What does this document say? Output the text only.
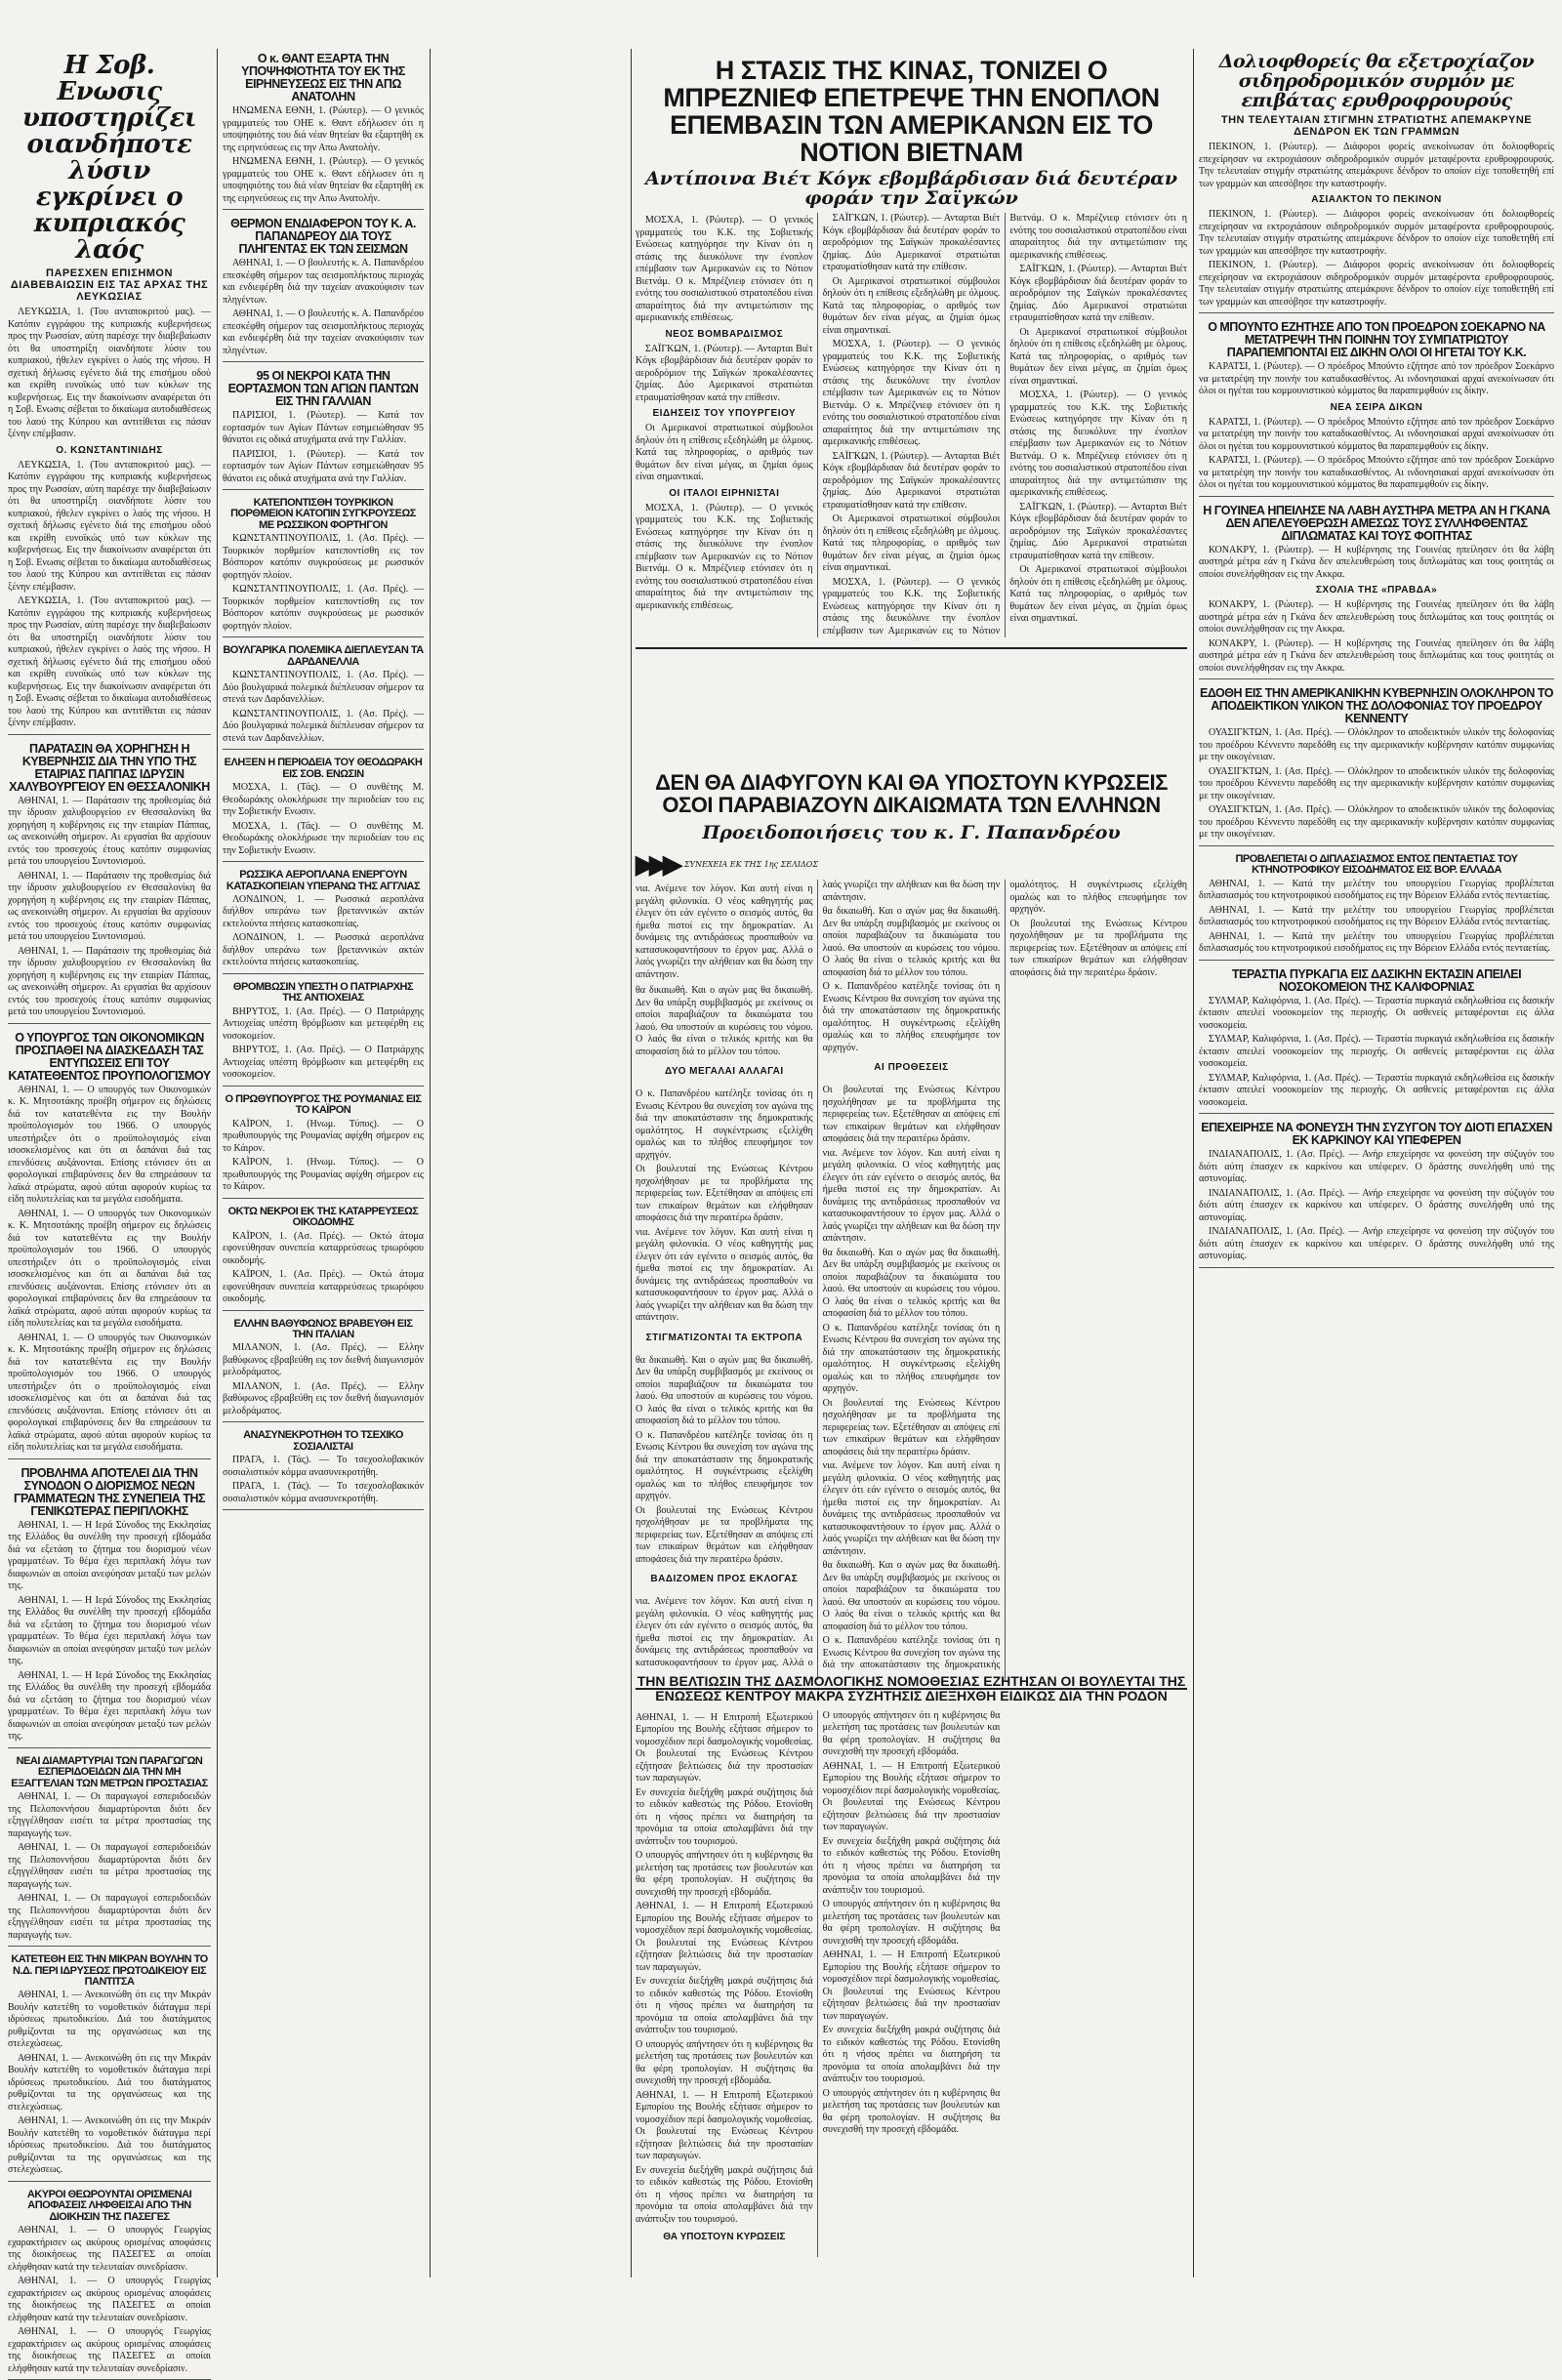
Η Σοβ. Ενωσις υποστηρίζει οιανδήποτε λύσιν εγκρίνει ο κυπριακός λαός
ΠΑΡΕΣΧΕΝ ΕΠΙΣΗΜΟΝ ΔΙΑΒΕΒΑΙΩΣΙΝ ΕΙΣ ΤΑΣ ΑΡΧΑΣ ΤΗΣ ΛΕΥΚΩΣΙΑΣ

ΛΕΥΚΩΣΙΑ, 1. (Του ανταποκριτού μας). — Κατόπιν εγγράφου της κυπριακής κυβερνήσεως προς την Ρωσσίαν, αύτη παρέσχε την διαβεβαίωσιν ότι θα υποστηρίξη οιανδήποτε λύσιν του κυπριακού, ήθελεν εγκρίνει ο λαός της νήσου. Η σχετική δήλωσις εγένετο διά της επισήμου οδού και εκρίθη ευνοϊκώς υπό των κύκλων της κυβερνήσεως. Εις την διακοίνωσιν αναφέρεται ότι η Σοβ. Ενωσις σέβεται το δικαίωμα αυτοδιαθέσεως του λαού της Κύπρου και αντιτίθεται εις πάσαν ξένην επέμβασιν.

Ο. ΚΩΝΣΤΑΝΤΙΝΙΔΗΣ

ΛΕΥΚΩΣΙΑ, 1. (Του ανταποκριτού μας). — Κατόπιν εγγράφου της κυπριακής κυβερνήσεως προς την Ρωσσίαν, αύτη παρέσχε την διαβεβαίωσιν ότι θα υποστηρίξη οιανδήποτε λύσιν του κυπριακού, ήθελεν εγκρίνει ο λαός της νήσου. Η σχετική δήλωσις εγένετο διά της επισήμου οδού και εκρίθη ευνοϊκώς υπό των κύκλων της κυβερνήσεως. Εις την διακοίνωσιν αναφέρεται ότι η Σοβ. Ενωσις σέβεται το δικαίωμα αυτοδιαθέσεως του λαού της Κύπρου και αντιτίθεται εις πάσαν ξένην επέμβασιν.

ΛΕΥΚΩΣΙΑ, 1. (Του ανταποκριτού μας). — Κατόπιν εγγράφου της κυπριακής κυβερνήσεως προς την Ρωσσίαν, αύτη παρέσχε την διαβεβαίωσιν ότι θα υποστηρίξη οιανδήποτε λύσιν του κυπριακού, ήθελεν εγκρίνει ο λαός της νήσου. Η σχετική δήλωσις εγένετο διά της επισήμου οδού και εκρίθη ευνοϊκώς υπό των κύκλων της κυβερνήσεως. Εις την διακοίνωσιν αναφέρεται ότι η Σοβ. Ενωσις σέβεται το δικαίωμα αυτοδιαθέσεως του λαού της Κύπρου και αντιτίθεται εις πάσαν ξένην επέμβασιν.

ΠΑΡΑΤΑΣΙΝ ΘΑ ΧΟΡΗΓΗΣΗ Η ΚΥΒΕΡΝΗΣΙΣ ΔΙΑ ΤΗΝ ΥΠΟ ΤΗΣ ΕΤΑΙΡΙΑΣ ΠΑΠΠΑΣ ΙΔΡΥΣΙΝ ΧΑΛΥΒΟΥΡΓΕΙΟΥ ΕΝ ΘΕΣΣΑΛΟΝΙΚΗ

ΑΘΗΝΑΙ, 1. — Παράτασιν της προθεσμίας διά την ίδρυσιν χαλυβουργείου εν Θεσσαλονίκη θα χορηγήση η κυβέρνησις εις την εταιρίαν Πάππας, ως ανεκοινώθη σήμερον. Αι εργασίαι θα αρχίσουν εντός του προσεχούς έτους κατόπιν συμφωνίας μετά του υπουργείου Συντονισμού.

ΑΘΗΝΑΙ, 1. — Παράτασιν της προθεσμίας διά την ίδρυσιν χαλυβουργείου εν Θεσσαλονίκη θα χορηγήση η κυβέρνησις εις την εταιρίαν Πάππας, ως ανεκοινώθη σήμερον. Αι εργασίαι θα αρχίσουν εντός του προσεχούς έτους κατόπιν συμφωνίας μετά του υπουργείου Συντονισμού.

ΑΘΗΝΑΙ, 1. — Παράτασιν της προθεσμίας διά την ίδρυσιν χαλυβουργείου εν Θεσσαλονίκη θα χορηγήση η κυβέρνησις εις την εταιρίαν Πάππας, ως ανεκοινώθη σήμερον. Αι εργασίαι θα αρχίσουν εντός του προσεχούς έτους κατόπιν συμφωνίας μετά του υπουργείου Συντονισμού.

Ο ΥΠΟΥΡΓΟΣ ΤΩΝ ΟΙΚΟΝΟΜΙΚΩΝ ΠΡΟΣΠΑΘΕΙ ΝΑ ΔΙΑΣΚΕΔΑΣΗ ΤΑΣ ΕΝΤΥΠΩΣΕΙΣ ΕΠΙ ΤΟΥ ΚΑΤΑΤΕΘΕΝΤΟΣ ΠΡΟΥΠΟΛΟΓΙΣΜΟΥ

ΑΘΗΝΑΙ, 1. — Ο υπουργός των Οικονομικών κ. Κ. Μητσοτάκης προέβη σήμερον εις δηλώσεις διά τον κατατεθέντα εις την Βουλήν προϋπολογισμόν του 1966. Ο υπουργός υπεστήριξεν ότι ο προϋπολογισμός είναι ισοσκελισμένος και ότι αι δαπάναι διά τας επενδύσεις αυξάνονται. Επίσης ετόνισεν ότι αι φορολογικαί επιβαρύνσεις δεν θα επηρεάσουν τα λαϊκά στρώματα, αφού αύται αφορούν κυρίως τα είδη πολυτελείας και τα μεγάλα εισοδήματα.

ΑΘΗΝΑΙ, 1. — Ο υπουργός των Οικονομικών κ. Κ. Μητσοτάκης προέβη σήμερον εις δηλώσεις διά τον κατατεθέντα εις την Βουλήν προϋπολογισμόν του 1966. Ο υπουργός υπεστήριξεν ότι ο προϋπολογισμός είναι ισοσκελισμένος και ότι αι δαπάναι διά τας επενδύσεις αυξάνονται. Επίσης ετόνισεν ότι αι φορολογικαί επιβαρύνσεις δεν θα επηρεάσουν τα λαϊκά στρώματα, αφού αύται αφορούν κυρίως τα είδη πολυτελείας και τα μεγάλα εισοδήματα.

ΑΘΗΝΑΙ, 1. — Ο υπουργός των Οικονομικών κ. Κ. Μητσοτάκης προέβη σήμερον εις δηλώσεις διά τον κατατεθέντα εις την Βουλήν προϋπολογισμόν του 1966. Ο υπουργός υπεστήριξεν ότι ο προϋπολογισμός είναι ισοσκελισμένος και ότι αι δαπάναι διά τας επενδύσεις αυξάνονται. Επίσης ετόνισεν ότι αι φορολογικαί επιβαρύνσεις δεν θα επηρεάσουν τα λαϊκά στρώματα, αφού αύται αφορούν κυρίως τα είδη πολυτελείας και τα μεγάλα εισοδήματα.

ΠΡΟΒΛΗΜΑ ΑΠΟΤΕΛΕΙ ΔΙΑ ΤΗΝ ΣΥΝΟΔΟΝ Ο ΔΙΟΡΙΣΜΟΣ ΝΕΩΝ ΓΡΑΜΜΑΤΕΩΝ ΤΗΣ ΣΥΝΕΠΕΙΑ ΤΗΣ ΓΕΝΙΚΩΤΕΡΑΣ ΠΕΡΙΠΛΟΚΗΣ

ΑΘΗΝΑΙ, 1. — Η Ιερά Σύνοδος της Εκκλησίας της Ελλάδος θα συνέλθη την προσεχή εβδομάδα διά να εξετάση το ζήτημα του διορισμού νέων γραμματέων. Το θέμα έχει περιπλακή λόγω των διαφωνιών αι οποίαι ανεφύησαν μεταξύ των μελών της.

ΑΘΗΝΑΙ, 1. — Η Ιερά Σύνοδος της Εκκλησίας της Ελλάδος θα συνέλθη την προσεχή εβδομάδα διά να εξετάση το ζήτημα του διορισμού νέων γραμματέων. Το θέμα έχει περιπλακή λόγω των διαφωνιών αι οποίαι ανεφύησαν μεταξύ των μελών της.

ΑΘΗΝΑΙ, 1. — Η Ιερά Σύνοδος της Εκκλησίας της Ελλάδος θα συνέλθη την προσεχή εβδομάδα διά να εξετάση το ζήτημα του διορισμού νέων γραμματέων. Το θέμα έχει περιπλακή λόγω των διαφωνιών αι οποίαι ανεφύησαν μεταξύ των μελών της.

ΝΕΑΙ ΔΙΑΜΑΡΤΥΡΙΑΙ ΤΩΝ ΠΑΡΑΓΩΓΩΝ ΕΣΠΕΡΙΔΟΕΙΔΩΝ ΔΙΑ ΤΗΝ ΜΗ ΕΞΑΓΓΕΛΙΑΝ ΤΩΝ ΜΕΤΡΩΝ ΠΡΟΣΤΑΣΙΑΣ

ΑΘΗΝΑΙ, 1. — Οι παραγωγοί εσπεριδοειδών της Πελοποννήσου διαμαρτύρονται διότι δεν εξηγγέλθησαν εισέτι τα μέτρα προστασίας της παραγωγής των.

ΑΘΗΝΑΙ, 1. — Οι παραγωγοί εσπεριδοειδών της Πελοποννήσου διαμαρτύρονται διότι δεν εξηγγέλθησαν εισέτι τα μέτρα προστασίας της παραγωγής των.

ΑΘΗΝΑΙ, 1. — Οι παραγωγοί εσπεριδοειδών της Πελοποννήσου διαμαρτύρονται διότι δεν εξηγγέλθησαν εισέτι τα μέτρα προστασίας της παραγωγής των.

ΚΑΤΕΤΕΘΗ ΕΙΣ ΤΗΝ ΜΙΚΡΑΝ ΒΟΥΛΗΝ ΤΟ Ν.Δ. ΠΕΡΙ ΙΔΡΥΣΕΩΣ ΠΡΩΤΟΔΙΚΕΙΟΥ ΕΙΣ ΠΑΝΤΙΤΣΑ

ΑΘΗΝΑΙ, 1. — Ανεκοινώθη ότι εις την Μικράν Βουλήν κατετέθη το νομοθετικόν διάταγμα περί ιδρύσεως πρωτοδικείου. Διά του διατάγματος ρυθμίζονται τα της οργανώσεως και της στελεχώσεως.

ΑΘΗΝΑΙ, 1. — Ανεκοινώθη ότι εις την Μικράν Βουλήν κατετέθη το νομοθετικόν διάταγμα περί ιδρύσεως πρωτοδικείου. Διά του διατάγματος ρυθμίζονται τα της οργανώσεως και της στελεχώσεως.

ΑΘΗΝΑΙ, 1. — Ανεκοινώθη ότι εις την Μικράν Βουλήν κατετέθη το νομοθετικόν διάταγμα περί ιδρύσεως πρωτοδικείου. Διά του διατάγματος ρυθμίζονται τα της οργανώσεως και της στελεχώσεως.

ΑΚΥΡΟΙ ΘΕΩΡΟΥΝΤΑΙ ΟΡΙΣΜΕΝΑΙ ΑΠΟΦΑΣΕΙΣ ΛΗΦΘΕΙΣΑΙ ΑΠΟ ΤΗΝ ΔΙΟΙΚΗΣΙΝ ΤΗΣ ΠΑΣΕΓΕΣ

ΑΘΗΝΑΙ, 1. — Ο υπουργός Γεωργίας εχαρακτήρισεν ως ακύρους ορισμένας αποφάσεις της διοικήσεως της ΠΑΣΕΓΕΣ αι οποίαι ελήφθησαν κατά την τελευταίαν συνεδρίασιν.

ΑΘΗΝΑΙ, 1. — Ο υπουργός Γεωργίας εχαρακτήρισεν ως ακύρους ορισμένας αποφάσεις της διοικήσεως της ΠΑΣΕΓΕΣ αι οποίαι ελήφθησαν κατά την τελευταίαν συνεδρίασιν.

ΑΘΗΝΑΙ, 1. — Ο υπουργός Γεωργίας εχαρακτήρισεν ως ακύρους ορισμένας αποφάσεις της διοικήσεως της ΠΑΣΕΓΕΣ αι οποίαι ελήφθησαν κατά την τελευταίαν συνεδρίασιν.

Ο κ. ΘΑΝΤ ΕΞΑΡΤΑ ΤΗΝ ΥΠΟΨΗΦΙΟΤΗΤΑ ΤΟΥ ΕΚ ΤΗΣ ΕΙΡΗΝΕΥΣΕΩΣ ΕΙΣ ΤΗΝ ΑΠΩ ΑΝΑΤΟΛΗΝ

ΗΝΩΜΕΝΑ ΕΘΝΗ, 1. (Ρώυτερ). — Ο γενικός γραμματεύς του ΟΗΕ κ. Θαντ εδήλωσεν ότι η υποψηφιότης του διά νέαν θητείαν θα εξαρτηθή εκ της ειρηνεύσεως εις την Απω Ανατολήν.

ΗΝΩΜΕΝΑ ΕΘΝΗ, 1. (Ρώυτερ). — Ο γενικός γραμματεύς του ΟΗΕ κ. Θαντ εδήλωσεν ότι η υποψηφιότης του διά νέαν θητείαν θα εξαρτηθή εκ της ειρηνεύσεως εις την Απω Ανατολήν.

ΘΕΡΜΟΝ ΕΝΔΙΑΦΕΡΟΝ ΤΟΥ Κ. Α. ΠΑΠΑΝΔΡΕΟΥ ΔΙΑ ΤΟΥΣ ΠΛΗΓΕΝΤΑΣ ΕΚ ΤΩΝ ΣΕΙΣΜΩΝ

ΑΘΗΝΑΙ, 1. — Ο βουλευτής κ. Α. Παπανδρέου επεσκέφθη σήμερον τας σεισμοπλήκτους περιοχάς και ενδιεφέρθη διά την ταχείαν ανακούφισιν των πληγέντων.

ΑΘΗΝΑΙ, 1. — Ο βουλευτής κ. Α. Παπανδρέου επεσκέφθη σήμερον τας σεισμοπλήκτους περιοχάς και ενδιεφέρθη διά την ταχείαν ανακούφισιν των πληγέντων.

95 ΟΙ ΝΕΚΡΟΙ ΚΑΤΑ ΤΗΝ ΕΟΡΤΑΣΜΟΝ ΤΩΝ ΑΓΙΩΝ ΠΑΝΤΩΝ ΕΙΣ ΤΗΝ ΓΑΛΛΙΑΝ

ΠΑΡΙΣΙΟΙ, 1. (Ρώυτερ). — Κατά τον εορτασμόν των Αγίων Πάντων εσημειώθησαν 95 θάνατοι εις οδικά ατυχήματα ανά την Γαλλίαν.

ΠΑΡΙΣΙΟΙ, 1. (Ρώυτερ). — Κατά τον εορτασμόν των Αγίων Πάντων εσημειώθησαν 95 θάνατοι εις οδικά ατυχήματα ανά την Γαλλίαν.

ΚΑΤΕΠΟΝΤΙΣΘΗ ΤΟΥΡΚΙΚΟΝ ΠΟΡΘΜΕΙΟΝ ΚΑΤΟΠΙΝ ΣΥΓΚΡΟΥΣΕΩΣ ΜΕ ΡΩΣΣΙΚΟΝ ΦΟΡΤΗΓΟΝ

ΚΩΝΣΤΑΝΤΙΝΟΥΠΟΛΙΣ, 1. (Ασ. Πρές). — Τουρκικόν πορθμείον κατεποντίσθη εις τον Βόσπορον κατόπιν συγκρούσεως με ρωσσικόν φορτηγόν πλοίον.

ΚΩΝΣΤΑΝΤΙΝΟΥΠΟΛΙΣ, 1. (Ασ. Πρές). — Τουρκικόν πορθμείον κατεποντίσθη εις τον Βόσπορον κατόπιν συγκρούσεως με ρωσσικόν φορτηγόν πλοίον.

ΒΟΥΛΓΑΡΙΚΑ ΠΟΛΕΜΙΚΑ ΔΙΕΠΛΕΥΣΑΝ ΤΑ ΔΑΡΔΑΝΕΛΛΙΑ

ΚΩΝΣΤΑΝΤΙΝΟΥΠΟΛΙΣ, 1. (Ασ. Πρές). — Δύο βουλγαρικά πολεμικά διέπλευσαν σήμερον τα στενά των Δαρδανελλίων.

ΚΩΝΣΤΑΝΤΙΝΟΥΠΟΛΙΣ, 1. (Ασ. Πρές). — Δύο βουλγαρικά πολεμικά διέπλευσαν σήμερον τα στενά των Δαρδανελλίων.

ΕΛΗΞΕΝ Η ΠΕΡΙΟΔΕΙΑ ΤΟΥ ΘΕΟΔΩΡΑΚΗ ΕΙΣ ΣΟΒ. ΕΝΩΣΙΝ

ΜΟΣΧΑ, 1. (Τάς). — Ο συνθέτης Μ. Θεοδωράκης ολοκλήρωσε την περιοδείαν του εις την Σοβιετικήν Ενωσιν.

ΜΟΣΧΑ, 1. (Τάς). — Ο συνθέτης Μ. Θεοδωράκης ολοκλήρωσε την περιοδείαν του εις την Σοβιετικήν Ενωσιν.

ΡΩΣΣΙΚΑ ΑΕΡΟΠΛΑΝΑ ΕΝΕΡΓΟΥΝ ΚΑΤΑΣΚΟΠΕΙΑΝ ΥΠΕΡΑΝΩ ΤΗΣ ΑΓΓΛΙΑΣ

ΛΟΝΔΙΝΟΝ, 1. — Ρωσσικά αεροπλάνα διήλθον υπεράνω των βρεταννικών ακτών εκτελούντα πτήσεις κατασκοπείας.

ΛΟΝΔΙΝΟΝ, 1. — Ρωσσικά αεροπλάνα διήλθον υπεράνω των βρεταννικών ακτών εκτελούντα πτήσεις κατασκοπείας.

ΘΡΟΜΒΩΣΙΝ ΥΠΕΣΤΗ Ο ΠΑΤΡΙΑΡΧΗΣ ΤΗΣ ΑΝΤΙΟΧΕΙΑΣ

ΒΗΡΥΤΟΣ, 1. (Ασ. Πρές). — Ο Πατριάρχης Αντιοχείας υπέστη θρόμβωσιν και μετεφέρθη εις νοσοκομείον.

ΒΗΡΥΤΟΣ, 1. (Ασ. Πρές). — Ο Πατριάρχης Αντιοχείας υπέστη θρόμβωσιν και μετεφέρθη εις νοσοκομείον.

Ο ΠΡΩΘΥΠΟΥΡΓΟΣ ΤΗΣ ΡΟΥΜΑΝΙΑΣ ΕΙΣ ΤΟ ΚΑΪΡΟΝ

ΚΑΪΡΟΝ, 1. (Ηνωμ. Τύπος). — Ο πρωθυπουργός της Ρουμανίας αφίχθη σήμερον εις το Κάιρον.

ΚΑΪΡΟΝ, 1. (Ηνωμ. Τύπος). — Ο πρωθυπουργός της Ρουμανίας αφίχθη σήμερον εις το Κάιρον.

ΟΚΤΩ ΝΕΚΡΟΙ ΕΚ ΤΗΣ ΚΑΤΑΡΡΕΥΣΕΩΣ ΟΙΚΟΔΟΜΗΣ

ΚΑΪΡΟΝ, 1. (Ασ. Πρές). — Οκτώ άτομα εφονεύθησαν συνεπεία καταρρεύσεως τριωρόφου οικοδομής.

ΚΑΪΡΟΝ, 1. (Ασ. Πρές). — Οκτώ άτομα εφονεύθησαν συνεπεία καταρρεύσεως τριωρόφου οικοδομής.

ΕΛΛΗΝ ΒΑΘΥΦΩΝΟΣ ΒΡΑΒΕΥΘΗ ΕΙΣ ΤΗΝ ΙΤΑΛΙΑΝ

ΜΙΛΑΝΟΝ, 1. (Ασ. Πρές). — Ελλην βαθύφωνος εβραβεύθη εις τον διεθνή διαγωνισμόν μελοδράματος.

ΜΙΛΑΝΟΝ, 1. (Ασ. Πρές). — Ελλην βαθύφωνος εβραβεύθη εις τον διεθνή διαγωνισμόν μελοδράματος.

ΑΝΑΣΥΝΕΚΡΟΤΗΘΗ ΤΟ ΤΣΕΧΙΚΟ ΣΟΣΙΑΛΙΣΤΑΙ

ΠΡΑΓΑ, 1. (Τάς). — Το τσεχοσλοβακικόν σοσιαλιστικόν κόμμα ανασυνεκροτήθη.

ΠΡΑΓΑ, 1. (Τάς). — Το τσεχοσλοβακικόν σοσιαλιστικόν κόμμα ανασυνεκροτήθη.

Δολιοφθορείς θα εξετροχίαζον σιδηροδρομικόν συρμόν με επιβάτας ερυθροφρουρούς
ΤΗΝ ΤΕΛΕΥΤΑΙΑΝ ΣΤΙΓΜΗΝ ΣΤΡΑΤΙΩΤΗΣ ΑΠΕΜΑΚΡΥΝΕ ΔΕΝΔΡΟΝ ΕΚ ΤΩΝ ΓΡΑΜΜΩΝ

ΠΕΚΙΝΟΝ, 1. (Ρώυτερ). — Διάφοροι φορείς ανεκοίνωσαν ότι δολιοφθορείς επεχείρησαν να εκτροχιάσουν σιδηροδρομικόν συρμόν μεταφέροντα ερυθροφρουρούς. Την τελευταίαν στιγμήν στρατιώτης απεμάκρυνε δένδρον το οποίον είχε τοποθετηθή επί των γραμμών και απεσόβησε την καταστροφήν.

ΑΣΙΑΛΚΤΟΝ ΤΟ ΠΕΚΙΝΟΝ

ΠΕΚΙΝΟΝ, 1. (Ρώυτερ). — Διάφοροι φορείς ανεκοίνωσαν ότι δολιοφθορείς επεχείρησαν να εκτροχιάσουν σιδηροδρομικόν συρμόν μεταφέροντα ερυθροφρουρούς. Την τελευταίαν στιγμήν στρατιώτης απεμάκρυνε δένδρον το οποίον είχε τοποθετηθή επί των γραμμών και απεσόβησε την καταστροφήν.

ΠΕΚΙΝΟΝ, 1. (Ρώυτερ). — Διάφοροι φορείς ανεκοίνωσαν ότι δολιοφθορείς επεχείρησαν να εκτροχιάσουν σιδηροδρομικόν συρμόν μεταφέροντα ερυθροφρουρούς. Την τελευταίαν στιγμήν στρατιώτης απεμάκρυνε δένδρον το οποίον είχε τοποθετηθή επί των γραμμών και απεσόβησε την καταστροφήν.

Ο ΜΠΟΥΝΤΟ ΕΖΗΤΗΣΕ ΑΠΟ ΤΟΝ ΠΡΟΕΔΡΟΝ ΣΟΕΚΑΡΝΟ ΝΑ ΜΕΤΑΤΡΕΨΗ ΤΗΝ ΠΟΙΝΗΝ ΤΟΥ ΣΥΜΠΑΤΡΙΩΤΟΥ ΠΑΡΑΠΕΜΠΟΝΤΑΙ ΕΙΣ ΔΙΚΗΝ ΟΛΟΙ ΟΙ ΗΓΕΤΑΙ ΤΟΥ Κ.Κ.

ΚΑΡΑΤΣΙ, 1. (Ρώυτερ). — Ο πρόεδρος Μπούντο εζήτησε από τον πρόεδρον Σοεκάρνο να μετατρέψη την ποινήν του καταδικασθέντος. Αι ινδονησιακαί αρχαί ανεκοίνωσαν ότι όλοι οι ηγέται του κομμουνιστικού κόμματος θα παραπεμφθούν εις δίκην.

ΝΕΑ ΣΕΙΡΑ ΔΙΚΩΝ

ΚΑΡΑΤΣΙ, 1. (Ρώυτερ). — Ο πρόεδρος Μπούντο εζήτησε από τον πρόεδρον Σοεκάρνο να μετατρέψη την ποινήν του καταδικασθέντος. Αι ινδονησιακαί αρχαί ανεκοίνωσαν ότι όλοι οι ηγέται του κομμουνιστικού κόμματος θα παραπεμφθούν εις δίκην.

ΚΑΡΑΤΣΙ, 1. (Ρώυτερ). — Ο πρόεδρος Μπούντο εζήτησε από τον πρόεδρον Σοεκάρνο να μετατρέψη την ποινήν του καταδικασθέντος. Αι ινδονησιακαί αρχαί ανεκοίνωσαν ότι όλοι οι ηγέται του κομμουνιστικού κόμματος θα παραπεμφθούν εις δίκην.

Η ΓΟΥΙΝΕΑ ΗΠΕΙΛΗΣΕ ΝΑ ΛΑΒΗ ΑΥΣΤΗΡΑ ΜΕΤΡΑ ΑΝ Η ΓΚΑΝΑ ΔΕΝ ΑΠΕΛΕΥΘΕΡΩΣΗ ΑΜΕΣΩΣ ΤΟΥΣ ΣΥΛΛΗΦΘΕΝΤΑΣ ΔΙΠΛΩΜΑΤΑΣ ΚΑΙ ΤΟΥΣ ΦΟΙΤΗΤΑΣ

ΚΟΝΑΚΡΥ, 1. (Ρώυτερ). — Η κυβέρνησις της Γουινέας ηπείλησεν ότι θα λάβη αυστηρά μέτρα εάν η Γκάνα δεν απελευθερώση τους διπλωμάτας και τους φοιτητάς οι οποίοι συνελήφθησαν εις την Ακκρα.

ΣΧΟΛΙΑ ΤΗΣ «ΠΡΑΒΔΑ»

ΚΟΝΑΚΡΥ, 1. (Ρώυτερ). — Η κυβέρνησις της Γουινέας ηπείλησεν ότι θα λάβη αυστηρά μέτρα εάν η Γκάνα δεν απελευθερώση τους διπλωμάτας και τους φοιτητάς οι οποίοι συνελήφθησαν εις την Ακκρα.

ΚΟΝΑΚΡΥ, 1. (Ρώυτερ). — Η κυβέρνησις της Γουινέας ηπείλησεν ότι θα λάβη αυστηρά μέτρα εάν η Γκάνα δεν απελευθερώση τους διπλωμάτας και τους φοιτητάς οι οποίοι συνελήφθησαν εις την Ακκρα.

ΕΔΟΘΗ ΕΙΣ ΤΗΝ ΑΜΕΡΙΚΑΝΙΚΗΝ ΚΥΒΕΡΝΗΣΙΝ ΟΛΟΚΛΗΡΟΝ ΤΟ ΑΠΟΔΕΙΚΤΙΚΟΝ ΥΛΙΚΟΝ ΤΗΣ ΔΟΛΟΦΟΝΙΑΣ ΤΟΥ ΠΡΟΕΔΡΟΥ ΚΕΝΝΕΝΤΥ

ΟΥΑΣΙΓΚΤΩΝ, 1. (Ασ. Πρές). — Ολόκληρον το αποδεικτικόν υλικόν της δολοφονίας του προέδρου Κέννεντυ παρεδόθη εις την αμερικανικήν κυβέρνησιν κατόπιν συμφωνίας με την οικογένειαν.

ΟΥΑΣΙΓΚΤΩΝ, 1. (Ασ. Πρές). — Ολόκληρον το αποδεικτικόν υλικόν της δολοφονίας του προέδρου Κέννεντυ παρεδόθη εις την αμερικανικήν κυβέρνησιν κατόπιν συμφωνίας με την οικογένειαν.

ΟΥΑΣΙΓΚΤΩΝ, 1. (Ασ. Πρές). — Ολόκληρον το αποδεικτικόν υλικόν της δολοφονίας του προέδρου Κέννεντυ παρεδόθη εις την αμερικανικήν κυβέρνησιν κατόπιν συμφωνίας με την οικογένειαν.

ΠΡΟΒΛΕΠΕΤΑΙ Ο ΔΙΠΛΑΣΙΑΣΜΟΣ ΕΝΤΟΣ ΠΕΝΤΑΕΤΙΑΣ ΤΟΥ ΚΤΗΝΟΤΡΟΦΙΚΟΥ ΕΙΣΟΔΗΜΑΤΟΣ ΕΙΣ ΒΟΡ. ΕΛΛΑΔΑ

ΑΘΗΝΑΙ, 1. — Κατά την μελέτην του υπουργείου Γεωργίας προβλέπεται διπλασιασμός του κτηνοτροφικού εισοδήματος εις την Βόρειον Ελλάδα εντός πενταετίας.

ΑΘΗΝΑΙ, 1. — Κατά την μελέτην του υπουργείου Γεωργίας προβλέπεται διπλασιασμός του κτηνοτροφικού εισοδήματος εις την Βόρειον Ελλάδα εντός πενταετίας.

ΑΘΗΝΑΙ, 1. — Κατά την μελέτην του υπουργείου Γεωργίας προβλέπεται διπλασιασμός του κτηνοτροφικού εισοδήματος εις την Βόρειον Ελλάδα εντός πενταετίας.

ΤΕΡΑΣΤΙΑ ΠΥΡΚΑΓΙΑ ΕΙΣ ΔΑΣΙΚΗΝ ΕΚΤΑΣΙΝ ΑΠΕΙΛΕΙ ΝΟΣΟΚΟΜΕΙΟΝ ΤΗΣ ΚΑΛΙΦΟΡΝΙΑΣ

ΣΥΛΜΑΡ, Καλιφόρνια, 1. (Ασ. Πρές). — Τεραστία πυρκαγιά εκδηλωθείσα εις δασικήν έκτασιν απειλεί νοσοκομείον της περιοχής. Οι ασθενείς μεταφέρονται εις άλλα νοσοκομεία.

ΣΥΛΜΑΡ, Καλιφόρνια, 1. (Ασ. Πρές). — Τεραστία πυρκαγιά εκδηλωθείσα εις δασικήν έκτασιν απειλεί νοσοκομείον της περιοχής. Οι ασθενείς μεταφέρονται εις άλλα νοσοκομεία.

ΣΥΛΜΑΡ, Καλιφόρνια, 1. (Ασ. Πρές). — Τεραστία πυρκαγιά εκδηλωθείσα εις δασικήν έκτασιν απειλεί νοσοκομείον της περιοχής. Οι ασθενείς μεταφέρονται εις άλλα νοσοκομεία.

ΕΠΕΧΕΙΡΗΣΕ ΝΑ ΦΟΝΕΥΣΗ ΤΗΝ ΣΥΖΥΓΟΝ ΤΟΥ ΔΙΟΤΙ ΕΠΑΣΧΕΝ ΕΚ ΚΑΡΚΙΝΟΥ ΚΑΙ ΥΠΕΦΕΡΕΝ

ΙΝΔΙΑΝΑΠΟΛΙΣ, 1. (Ασ. Πρές). — Ανήρ επεχείρησε να φονεύση την σύζυγόν του διότι αύτη έπασχεν εκ καρκίνου και υπέφερεν. Ο δράστης συνελήφθη υπό της αστυνομίας.

ΙΝΔΙΑΝΑΠΟΛΙΣ, 1. (Ασ. Πρές). — Ανήρ επεχείρησε να φονεύση την σύζυγόν του διότι αύτη έπασχεν εκ καρκίνου και υπέφερεν. Ο δράστης συνελήφθη υπό της αστυνομίας.

ΙΝΔΙΑΝΑΠΟΛΙΣ, 1. (Ασ. Πρές). — Ανήρ επεχείρησε να φονεύση την σύζυγόν του διότι αύτη έπασχεν εκ καρκίνου και υπέφερεν. Ο δράστης συνελήφθη υπό της αστυνομίας.

Η ΣΤΑΣΙΣ ΤΗΣ ΚΙΝΑΣ, ΤΟΝΙΖΕΙ Ο ΜΠΡΕΖΝΙΕΦ ΕΠΕΤΡΕΨΕ ΤΗΝ ΕΝΟΠΛΟΝ ΕΠΕΜΒΑΣΙΝ ΤΩΝ ΑΜΕΡΙΚΑΝΩΝ ΕΙΣ ΤΟ ΝΟΤΙΟΝ ΒΙΕΤΝΑΜ
Αντίποινα Βιέτ Κόγκ εβομβάρδισαν διά δευτέραν φοράν την Σαϊγκών

ΜΟΣΧΑ, 1. (Ρώυτερ). — Ο γενικός γραμματεύς του Κ.Κ. της Σοβιετικής Ενώσεως κατηγόρησε την Κίναν ότι η στάσις της διευκόλυνε την ένοπλον επέμβασιν των Αμερικανών εις το Νότιον Βιετνάμ. Ο κ. Μπρέζνιεφ ετόνισεν ότι η ενότης του σοσιαλιστικού στρατοπέδου είναι απαραίτητος διά την αντιμετώπισιν της αμερικανικής επιθέσεως.

ΝΕΟΣ ΒΟΜΒΑΡΔΙΣΜΟΣ

ΣΑΪΓΚΩΝ, 1. (Ρώυτερ). — Ανταρται Βιέτ Κόγκ εβομβάρδισαν διά δευτέραν φοράν το αεροδρόμιον της Σαϊγκών προκαλέσαντες ζημίας. Δύο Αμερικανοί στρατιώται ετραυματίσθησαν κατά την επίθεσιν.

ΕΙΔΗΣΕΙΣ ΤΟΥ ΥΠΟΥΡΓΕΙΟΥ

Οι Αμερικανοί στρατιωτικοί σύμβουλοι δηλούν ότι η επίθεσις εξεδηλώθη με όλμους. Κατά τας πληροφορίας, ο αριθμός των θυμάτων δεν είναι μέγας, αι ζημίαι όμως είναι σημαντικαί.

ΟΙ ΙΤΑΛΟΙ ΕΙΡΗΝΙΣΤΑΙ

ΜΟΣΧΑ, 1. (Ρώυτερ). — Ο γενικός γραμματεύς του Κ.Κ. της Σοβιετικής Ενώσεως κατηγόρησε την Κίναν ότι η στάσις της διευκόλυνε την ένοπλον επέμβασιν των Αμερικανών εις το Νότιον Βιετνάμ. Ο κ. Μπρέζνιεφ ετόνισεν ότι η ενότης του σοσιαλιστικού στρατοπέδου είναι απαραίτητος διά την αντιμετώπισιν της αμερικανικής επιθέσεως.

ΣΑΪΓΚΩΝ, 1. (Ρώυτερ). — Ανταρται Βιέτ Κόγκ εβομβάρδισαν διά δευτέραν φοράν το αεροδρόμιον της Σαϊγκών προκαλέσαντες ζημίας. Δύο Αμερικανοί στρατιώται ετραυματίσθησαν κατά την επίθεσιν.

Οι Αμερικανοί στρατιωτικοί σύμβουλοι δηλούν ότι η επίθεσις εξεδηλώθη με όλμους. Κατά τας πληροφορίας, ο αριθμός των θυμάτων δεν είναι μέγας, αι ζημίαι όμως είναι σημαντικαί.

ΜΟΣΧΑ, 1. (Ρώυτερ). — Ο γενικός γραμματεύς του Κ.Κ. της Σοβιετικής Ενώσεως κατηγόρησε την Κίναν ότι η στάσις της διευκόλυνε την ένοπλον επέμβασιν των Αμερικανών εις το Νότιον Βιετνάμ. Ο κ. Μπρέζνιεφ ετόνισεν ότι η ενότης του σοσιαλιστικού στρατοπέδου είναι απαραίτητος διά την αντιμετώπισιν της αμερικανικής επιθέσεως.

ΣΑΪΓΚΩΝ, 1. (Ρώυτερ). — Ανταρται Βιέτ Κόγκ εβομβάρδισαν διά δευτέραν φοράν το αεροδρόμιον της Σαϊγκών προκαλέσαντες ζημίας. Δύο Αμερικανοί στρατιώται ετραυματίσθησαν κατά την επίθεσιν.

Οι Αμερικανοί στρατιωτικοί σύμβουλοι δηλούν ότι η επίθεσις εξεδηλώθη με όλμους. Κατά τας πληροφορίας, ο αριθμός των θυμάτων δεν είναι μέγας, αι ζημίαι όμως είναι σημαντικαί.

ΜΟΣΧΑ, 1. (Ρώυτερ). — Ο γενικός γραμματεύς του Κ.Κ. της Σοβιετικής Ενώσεως κατηγόρησε την Κίναν ότι η στάσις της διευκόλυνε την ένοπλον επέμβασιν των Αμερικανών εις το Νότιον Βιετνάμ. Ο κ. Μπρέζνιεφ ετόνισεν ότι η ενότης του σοσιαλιστικού στρατοπέδου είναι απαραίτητος διά την αντιμετώπισιν της αμερικανικής επιθέσεως.

ΣΑΪΓΚΩΝ, 1. (Ρώυτερ). — Ανταρται Βιέτ Κόγκ εβομβάρδισαν διά δευτέραν φοράν το αεροδρόμιον της Σαϊγκών προκαλέσαντες ζημίας. Δύο Αμερικανοί στρατιώται ετραυματίσθησαν κατά την επίθεσιν.

Οι Αμερικανοί στρατιωτικοί σύμβουλοι δηλούν ότι η επίθεσις εξεδηλώθη με όλμους. Κατά τας πληροφορίας, ο αριθμός των θυμάτων δεν είναι μέγας, αι ζημίαι όμως είναι σημαντικαί.

ΜΟΣΧΑ, 1. (Ρώυτερ). — Ο γενικός γραμματεύς του Κ.Κ. της Σοβιετικής Ενώσεως κατηγόρησε την Κίναν ότι η στάσις της διευκόλυνε την ένοπλον επέμβασιν των Αμερικανών εις το Νότιον Βιετνάμ. Ο κ. Μπρέζνιεφ ετόνισεν ότι η ενότης του σοσιαλιστικού στρατοπέδου είναι απαραίτητος διά την αντιμετώπισιν της αμερικανικής επιθέσεως.

ΣΑΪΓΚΩΝ, 1. (Ρώυτερ). — Ανταρται Βιέτ Κόγκ εβομβάρδισαν διά δευτέραν φοράν το αεροδρόμιον της Σαϊγκών προκαλέσαντες ζημίας. Δύο Αμερικανοί στρατιώται ετραυματίσθησαν κατά την επίθεσιν.

Οι Αμερικανοί στρατιωτικοί σύμβουλοι δηλούν ότι η επίθεσις εξεδηλώθη με όλμους. Κατά τας πληροφορίας, ο αριθμός των θυμάτων δεν είναι μέγας, αι ζημίαι όμως είναι σημαντικαί.

ΔΕΝ ΘΑ ΔΙΑΦΥΓΟΥΝ ΚΑΙ ΘΑ ΥΠΟΣΤΟΥΝ ΚΥΡΩΣΕΙΣ ΟΣΟΙ ΠΑΡΑΒΙΑΖΟΥΝ ΔΙΚΑΙΩΜΑΤΑ ΤΩΝ ΕΛΛΗΝΩΝ
Προειδοποιήσεις του κ. Γ. Παπανδρέου
▶▶▶ ΣΥΝΕΧΕΙΑ ΕΚ ΤΗΣ 1ης ΣΕΛΙΔΟΣ

νια. Ανέμενε τον λόγον. Και αυτή είναι η μεγάλη φιλονικία. Ο νέος καθηγητής μας έλεγεν ότι εάν εγένετο ο σεισμός αυτός, θα ήμεθα πιστοί εις την δημοκρατίαν. Αι δυνάμεις της αντιδράσεως προσπαθούν να κατασυκοφαντήσουν το έργον μας. Αλλά ο λαός γνωρίζει την αλήθειαν και θα δώση την απάντησιν.

θα δικαιωθή. Και ο αγών μας θα δικαιωθή. Δεν θα υπάρξη συμβιβασμός με εκείνους οι οποίοι παραβιάζουν τα δικαιώματα του λαού. Θα υποστούν αι κυρώσεις του νόμου. Ο λαός θα είναι ο τελικός κριτής και θα αποφασίση διά το μέλλον του τόπου.

ΔΥΟ ΜΕΓΑΛΑΙ ΑΛΛΑΓΑΙ

Ο κ. Παπανδρέου κατέληξε τονίσας ότι η Ενωσις Κέντρου θα συνεχίση τον αγώνα της διά την αποκατάστασιν της δημοκρατικής ομαλότητος. Η συγκέντρωσις εξελίχθη ομαλώς και το πλήθος επευφήμησε τον αρχηγόν.

Οι βουλευταί της Ενώσεως Κέντρου ησχολήθησαν με τα προβλήματα της περιφερείας των. Εξετέθησαν αι απόψεις επί των επικαίρων θεμάτων και ελήφθησαν αποφάσεις διά την περαιτέρω δράσιν.

νια. Ανέμενε τον λόγον. Και αυτή είναι η μεγάλη φιλονικία. Ο νέος καθηγητής μας έλεγεν ότι εάν εγένετο ο σεισμός αυτός, θα ήμεθα πιστοί εις την δημοκρατίαν. Αι δυνάμεις της αντιδράσεως προσπαθούν να κατασυκοφαντήσουν το έργον μας. Αλλά ο λαός γνωρίζει την αλήθειαν και θα δώση την απάντησιν.

ΣΤΙΓΜΑΤΙΖΟΝΤΑΙ ΤΑ ΕΚΤΡΟΠΑ

θα δικαιωθή. Και ο αγών μας θα δικαιωθή. Δεν θα υπάρξη συμβιβασμός με εκείνους οι οποίοι παραβιάζουν τα δικαιώματα του λαού. Θα υποστούν αι κυρώσεις του νόμου. Ο λαός θα είναι ο τελικός κριτής και θα αποφασίση διά το μέλλον του τόπου.

Ο κ. Παπανδρέου κατέληξε τονίσας ότι η Ενωσις Κέντρου θα συνεχίση τον αγώνα της διά την αποκατάστασιν της δημοκρατικής ομαλότητος. Η συγκέντρωσις εξελίχθη ομαλώς και το πλήθος επευφήμησε τον αρχηγόν.

Οι βουλευταί της Ενώσεως Κέντρου ησχολήθησαν με τα προβλήματα της περιφερείας των. Εξετέθησαν αι απόψεις επί των επικαίρων θεμάτων και ελήφθησαν αποφάσεις διά την περαιτέρω δράσιν.

ΒΑΔΙΖΟΜΕΝ ΠΡΟΣ ΕΚΛΟΓΑΣ

νια. Ανέμενε τον λόγον. Και αυτή είναι η μεγάλη φιλονικία. Ο νέος καθηγητής μας έλεγεν ότι εάν εγένετο ο σεισμός αυτός, θα ήμεθα πιστοί εις την δημοκρατίαν. Αι δυνάμεις της αντιδράσεως προσπαθούν να κατασυκοφαντήσουν το έργον μας. Αλλά ο λαός γνωρίζει την αλήθειαν και θα δώση την απάντησιν.

θα δικαιωθή. Και ο αγών μας θα δικαιωθή. Δεν θα υπάρξη συμβιβασμός με εκείνους οι οποίοι παραβιάζουν τα δικαιώματα του λαού. Θα υποστούν αι κυρώσεις του νόμου. Ο λαός θα είναι ο τελικός κριτής και θα αποφασίση διά το μέλλον του τόπου.

Ο κ. Παπανδρέου κατέληξε τονίσας ότι η Ενωσις Κέντρου θα συνεχίση τον αγώνα της διά την αποκατάστασιν της δημοκρατικής ομαλότητος. Η συγκέντρωσις εξελίχθη ομαλώς και το πλήθος επευφήμησε τον αρχηγόν.

ΑΙ ΠΡΟΘΕΣΕΙΣ

Οι βουλευταί της Ενώσεως Κέντρου ησχολήθησαν με τα προβλήματα της περιφερείας των. Εξετέθησαν αι απόψεις επί των επικαίρων θεμάτων και ελήφθησαν αποφάσεις διά την περαιτέρω δράσιν.

νια. Ανέμενε τον λόγον. Και αυτή είναι η μεγάλη φιλονικία. Ο νέος καθηγητής μας έλεγεν ότι εάν εγένετο ο σεισμός αυτός, θα ήμεθα πιστοί εις την δημοκρατίαν. Αι δυνάμεις της αντιδράσεως προσπαθούν να κατασυκοφαντήσουν το έργον μας. Αλλά ο λαός γνωρίζει την αλήθειαν και θα δώση την απάντησιν.

θα δικαιωθή. Και ο αγών μας θα δικαιωθή. Δεν θα υπάρξη συμβιβασμός με εκείνους οι οποίοι παραβιάζουν τα δικαιώματα του λαού. Θα υποστούν αι κυρώσεις του νόμου. Ο λαός θα είναι ο τελικός κριτής και θα αποφασίση διά το μέλλον του τόπου.

Ο κ. Παπανδρέου κατέληξε τονίσας ότι η Ενωσις Κέντρου θα συνεχίση τον αγώνα της διά την αποκατάστασιν της δημοκρατικής ομαλότητος. Η συγκέντρωσις εξελίχθη ομαλώς και το πλήθος επευφήμησε τον αρχηγόν.

Οι βουλευταί της Ενώσεως Κέντρου ησχολήθησαν με τα προβλήματα της περιφερείας των. Εξετέθησαν αι απόψεις επί των επικαίρων θεμάτων και ελήφθησαν αποφάσεις διά την περαιτέρω δράσιν.

νια. Ανέμενε τον λόγον. Και αυτή είναι η μεγάλη φιλονικία. Ο νέος καθηγητής μας έλεγεν ότι εάν εγένετο ο σεισμός αυτός, θα ήμεθα πιστοί εις την δημοκρατίαν. Αι δυνάμεις της αντιδράσεως προσπαθούν να κατασυκοφαντήσουν το έργον μας. Αλλά ο λαός γνωρίζει την αλήθειαν και θα δώση την απάντησιν.

θα δικαιωθή. Και ο αγών μας θα δικαιωθή. Δεν θα υπάρξη συμβιβασμός με εκείνους οι οποίοι παραβιάζουν τα δικαιώματα του λαού. Θα υποστούν αι κυρώσεις του νόμου. Ο λαός θα είναι ο τελικός κριτής και θα αποφασίση διά το μέλλον του τόπου.

Ο κ. Παπανδρέου κατέληξε τονίσας ότι η Ενωσις Κέντρου θα συνεχίση τον αγώνα της διά την αποκατάστασιν της δημοκρατικής ομαλότητος. Η συγκέντρωσις εξελίχθη ομαλώς και το πλήθος επευφήμησε τον αρχηγόν.

Οι βουλευταί της Ενώσεως Κέντρου ησχολήθησαν με τα προβλήματα της περιφερείας των. Εξετέθησαν αι απόψεις επί των επικαίρων θεμάτων και ελήφθησαν αποφάσεις διά την περαιτέρω δράσιν.

ΤΗΝ ΒΕΛΤΙΩΣΙΝ ΤΗΣ ΔΑΣΜΟΛΟΓΙΚΗΣ ΝΟΜΟΘΕΣΙΑΣ ΕΖΗΤΗΣΑΝ ΟΙ ΒΟΥΛΕΥΤΑΙ ΤΗΣ ΕΝΩΣΕΩΣ ΚΕΝΤΡΟΥ ΜΑΚΡΑ ΣΥΖΗΤΗΣΙΣ ΔΙΕΞΗΧΘΗ ΕΙΔΙΚΩΣ ΔΙΑ ΤΗΝ ΡΟΔΟΝ

ΑΘΗΝΑΙ, 1. — Η Επιτροπή Εξωτερικού Εμπορίου της Βουλής εξήτασε σήμερον το νομοσχέδιον περί δασμολογικής νομοθεσίας. Οι βουλευταί της Ενώσεως Κέντρου εζήτησαν βελτιώσεις διά την προστασίαν των παραγωγών.

Εν συνεχεία διεξήχθη μακρά συζήτησις διά το ειδικόν καθεστώς της Ρόδου. Ετονίσθη ότι η νήσος πρέπει να διατηρήση τα προνόμια τα οποία απολαμβάνει διά την ανάπτυξιν του τουρισμού.

Ο υπουργός απήντησεν ότι η κυβέρνησις θα μελετήση τας προτάσεις των βουλευτών και θα φέρη τροπολογίαν. Η συζήτησις θα συνεχισθή την προσεχή εβδομάδα.

ΑΘΗΝΑΙ, 1. — Η Επιτροπή Εξωτερικού Εμπορίου της Βουλής εξήτασε σήμερον το νομοσχέδιον περί δασμολογικής νομοθεσίας. Οι βουλευταί της Ενώσεως Κέντρου εζήτησαν βελτιώσεις διά την προστασίαν των παραγωγών.

Εν συνεχεία διεξήχθη μακρά συζήτησις διά το ειδικόν καθεστώς της Ρόδου. Ετονίσθη ότι η νήσος πρέπει να διατηρήση τα προνόμια τα οποία απολαμβάνει διά την ανάπτυξιν του τουρισμού.

Ο υπουργός απήντησεν ότι η κυβέρνησις θα μελετήση τας προτάσεις των βουλευτών και θα φέρη τροπολογίαν. Η συζήτησις θα συνεχισθή την προσεχή εβδομάδα.

ΑΘΗΝΑΙ, 1. — Η Επιτροπή Εξωτερικού Εμπορίου της Βουλής εξήτασε σήμερον το νομοσχέδιον περί δασμολογικής νομοθεσίας. Οι βουλευταί της Ενώσεως Κέντρου εζήτησαν βελτιώσεις διά την προστασίαν των παραγωγών.

Εν συνεχεία διεξήχθη μακρά συζήτησις διά το ειδικόν καθεστώς της Ρόδου. Ετονίσθη ότι η νήσος πρέπει να διατηρήση τα προνόμια τα οποία απολαμβάνει διά την ανάπτυξιν του τουρισμού.

ΘΑ ΥΠΟΣΤΟΥΝ ΚΥΡΩΣΕΙΣ

Ο υπουργός απήντησεν ότι η κυβέρνησις θα μελετήση τας προτάσεις των βουλευτών και θα φέρη τροπολογίαν. Η συζήτησις θα συνεχισθή την προσεχή εβδομάδα.

ΑΘΗΝΑΙ, 1. — Η Επιτροπή Εξωτερικού Εμπορίου της Βουλής εξήτασε σήμερον το νομοσχέδιον περί δασμολογικής νομοθεσίας. Οι βουλευταί της Ενώσεως Κέντρου εζήτησαν βελτιώσεις διά την προστασίαν των παραγωγών.

Εν συνεχεία διεξήχθη μακρά συζήτησις διά το ειδικόν καθεστώς της Ρόδου. Ετονίσθη ότι η νήσος πρέπει να διατηρήση τα προνόμια τα οποία απολαμβάνει διά την ανάπτυξιν του τουρισμού.

Ο υπουργός απήντησεν ότι η κυβέρνησις θα μελετήση τας προτάσεις των βουλευτών και θα φέρη τροπολογίαν. Η συζήτησις θα συνεχισθή την προσεχή εβδομάδα.

ΑΘΗΝΑΙ, 1. — Η Επιτροπή Εξωτερικού Εμπορίου της Βουλής εξήτασε σήμερον το νομοσχέδιον περί δασμολογικής νομοθεσίας. Οι βουλευταί της Ενώσεως Κέντρου εζήτησαν βελτιώσεις διά την προστασίαν των παραγωγών.

Εν συνεχεία διεξήχθη μακρά συζήτησις διά το ειδικόν καθεστώς της Ρόδου. Ετονίσθη ότι η νήσος πρέπει να διατηρήση τα προνόμια τα οποία απολαμβάνει διά την ανάπτυξιν του τουρισμού.

Ο υπουργός απήντησεν ότι η κυβέρνησις θα μελετήση τας προτάσεις των βουλευτών και θα φέρη τροπολογίαν. Η συζήτησις θα συνεχισθή την προσεχή εβδομάδα.
